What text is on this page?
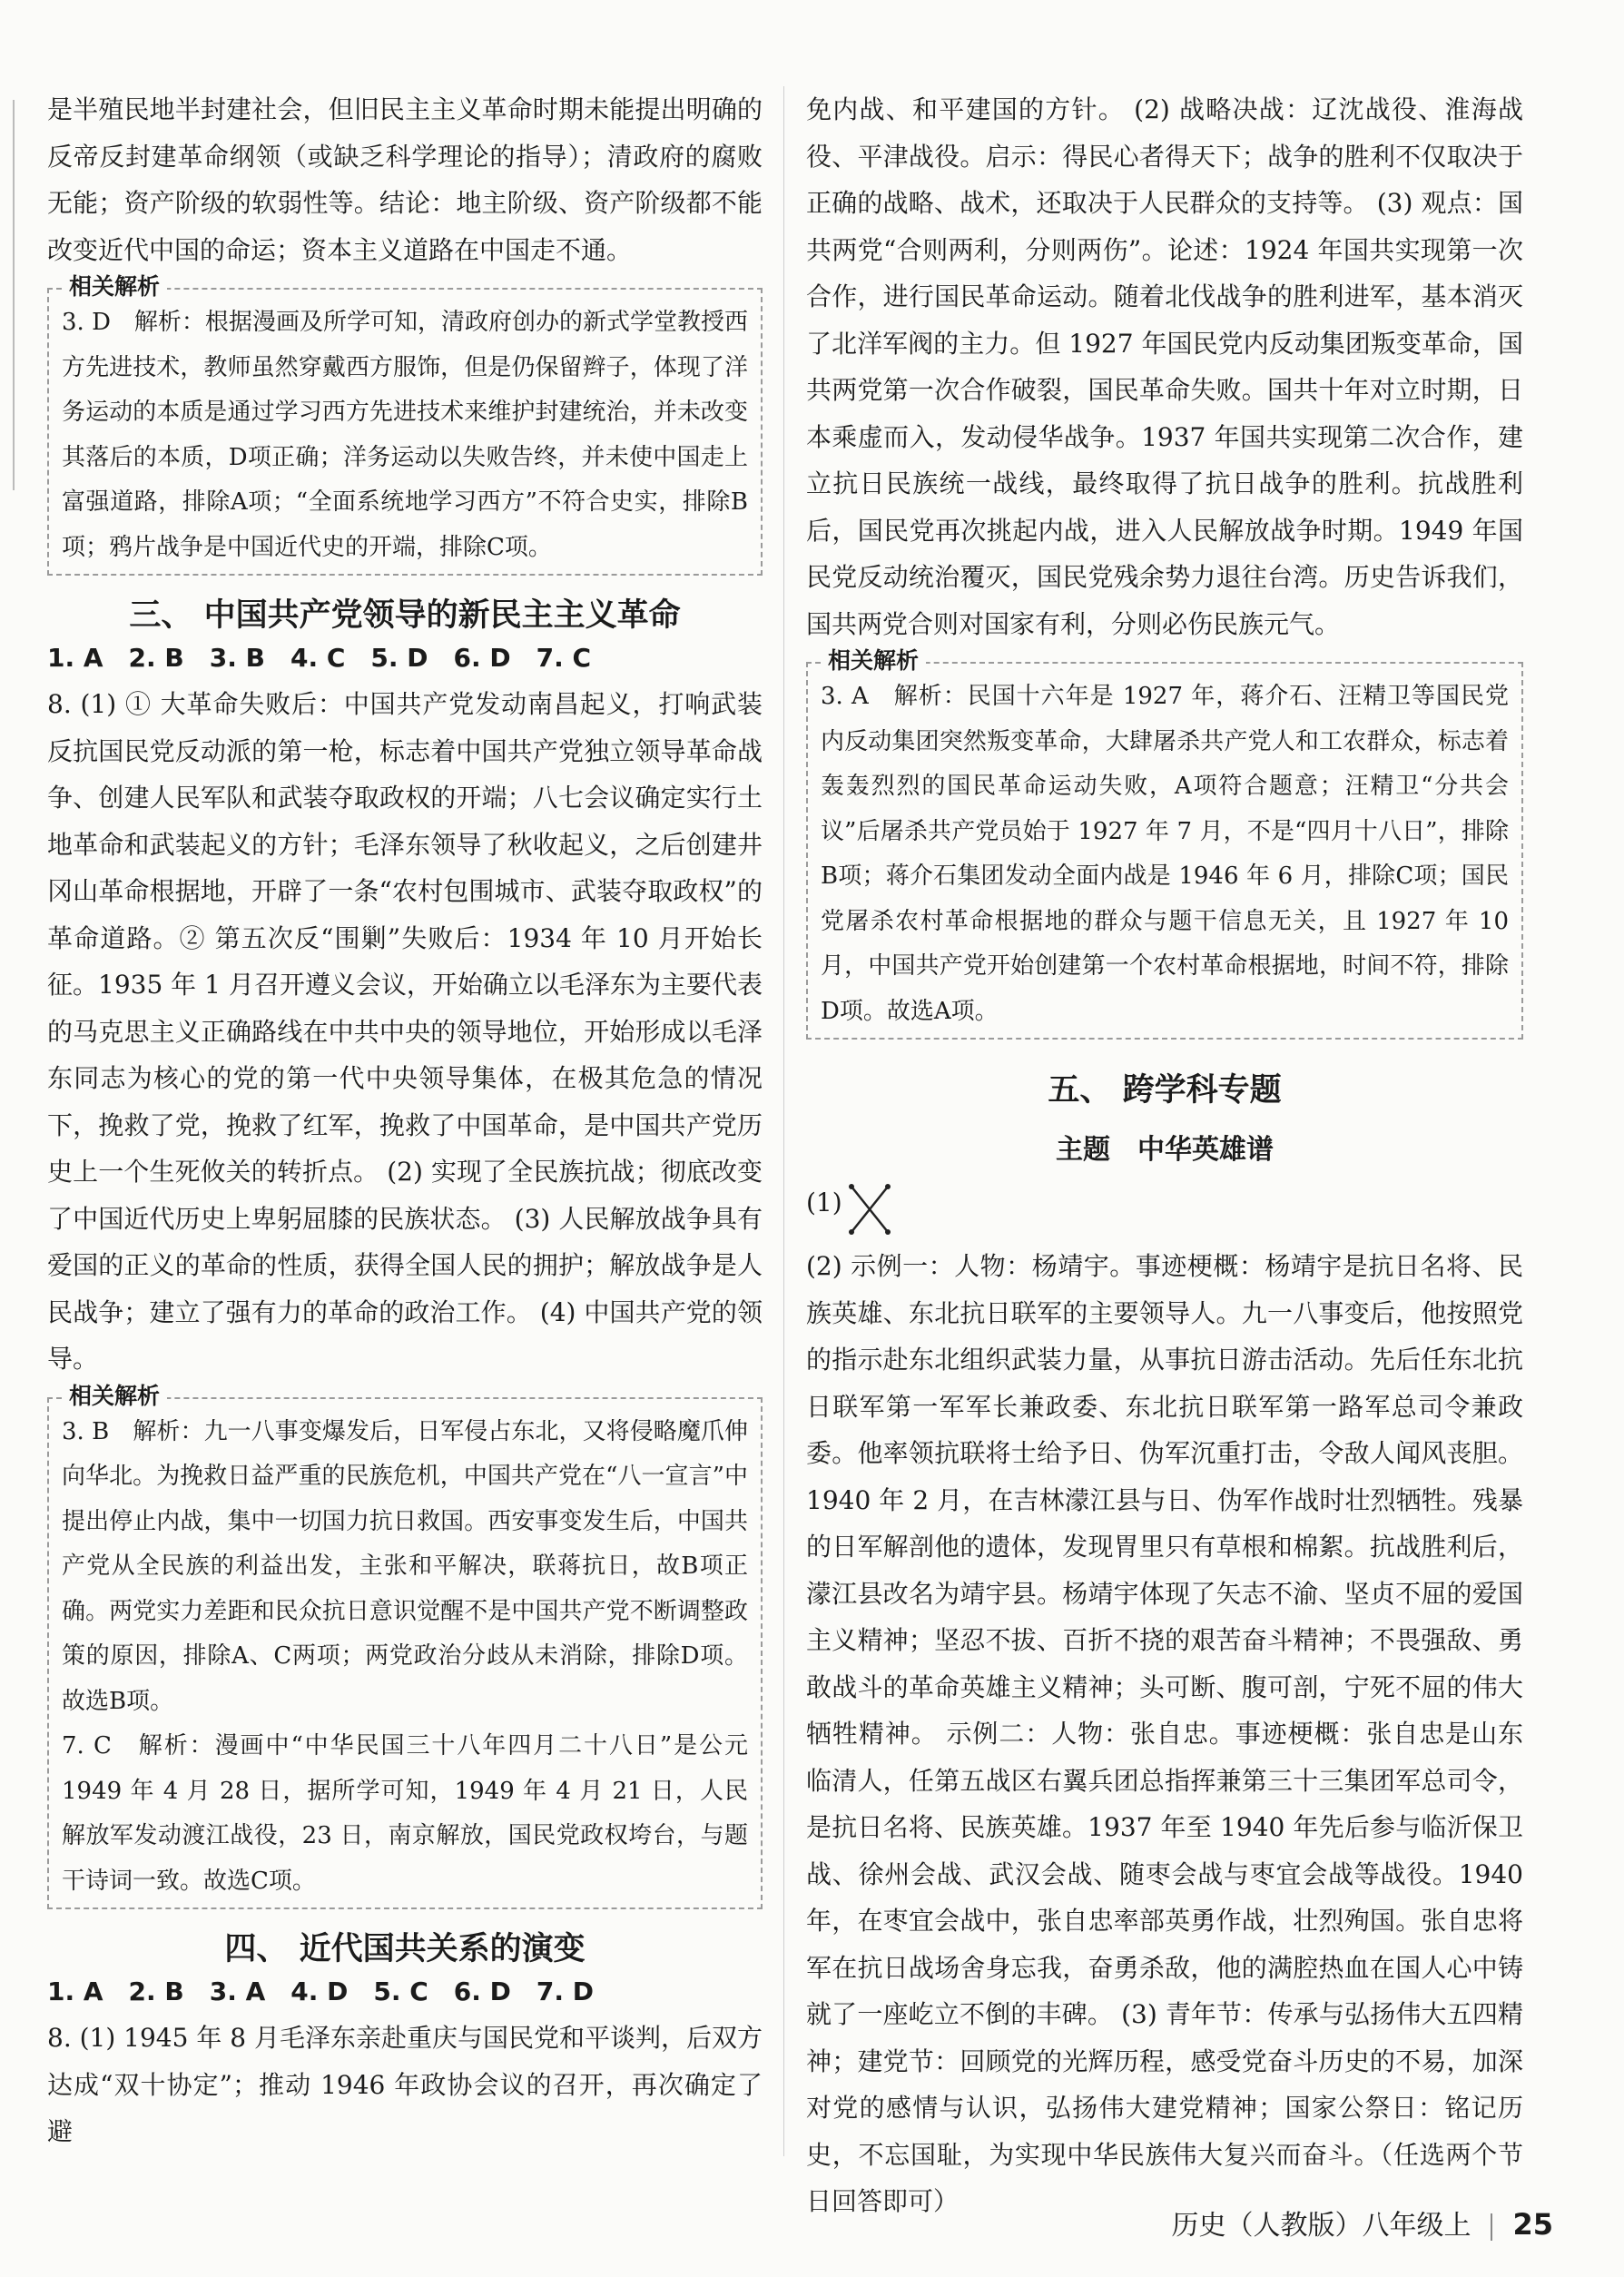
是半殖民地半封建社会，但旧民主主义革命时期未能提出明确的反帝反封建革命纲领（或缺乏科学理论的指导）；清政府的腐败无能；资产阶级的软弱性等。结论：地主阶级、资产阶级都不能改变近代中国的命运；资本主义道路在中国走不通。

相关解析

3. D　解析：根据漫画及所学可知，清政府创办的新式学堂教授西方先进技术，教师虽然穿戴西方服饰，但是仍保留辫子，体现了洋务运动的本质是通过学习西方先进技术来维护封建统治，并未改变其落后的本质，D项正确；洋务运动以失败告终，并未使中国走上富强道路，排除A项；“全面系统地学习西方”不符合史实，排除B项；鸦片战争是中国近代史的开端，排除C项。

三、 中国共产党领导的新民主主义革命

1. A　2. B　3. B　4. C　5. D　6. D　7. C

8. (1) ① 大革命失败后：中国共产党发动南昌起义，打响武装反抗国民党反动派的第一枪，标志着中国共产党独立领导革命战争、创建人民军队和武装夺取政权的开端；八七会议确定实行土地革命和武装起义的方针；毛泽东领导了秋收起义，之后创建井冈山革命根据地，开辟了一条“农村包围城市、武装夺取政权”的革命道路。② 第五次反“围剿”失败后：1934 年 10 月开始长征。1935 年 1 月召开遵义会议，开始确立以毛泽东为主要代表的马克思主义正确路线在中共中央的领导地位，开始形成以毛泽东同志为核心的党的第一代中央领导集体，在极其危急的情况下，挽救了党，挽救了红军，挽救了中国革命，是中国共产党历史上一个生死攸关的转折点。 (2) 实现了全民族抗战；彻底改变了中国近代历史上卑躬屈膝的民族状态。 (3) 人民解放战争具有爱国的正义的革命的性质，获得全国人民的拥护；解放战争是人民战争；建立了强有力的革命的政治工作。 (4) 中国共产党的领导。

相关解析

3. B　解析：九一八事变爆发后，日军侵占东北，又将侵略魔爪伸向华北。为挽救日益严重的民族危机，中国共产党在“八一宣言”中提出停止内战，集中一切国力抗日救国。西安事变发生后，中国共产党从全民族的利益出发，主张和平解决，联蒋抗日，故B项正确。两党实力差距和民众抗日意识觉醒不是中国共产党不断调整政策的原因，排除A、C两项；两党政治分歧从未消除，排除D项。故选B项。

7. C　解析：漫画中“中华民国三十八年四月二十八日”是公元 1949 年 4 月 28 日，据所学可知，1949 年 4 月 21 日，人民解放军发动渡江战役，23 日，南京解放，国民党政权垮台，与题干诗词一致。故选C项。

四、 近代国共关系的演变

1. A　2. B　3. A　4. D　5. C　6. D　7. D

8. (1) 1945 年 8 月毛泽东亲赴重庆与国民党和平谈判，后双方达成“双十协定”；推动 1946 年政协会议的召开，再次确定了避

免内战、和平建国的方针。 (2) 战略决战：辽沈战役、淮海战役、平津战役。启示：得民心者得天下；战争的胜利不仅取决于正确的战略、战术，还取决于人民群众的支持等。 (3) 观点：国共两党“合则两利，分则两伤”。论述：1924 年国共实现第一次合作，进行国民革命运动。随着北伐战争的胜利进军，基本消灭了北洋军阀的主力。但 1927 年国民党内反动集团叛变革命，国共两党第一次合作破裂，国民革命失败。国共十年对立时期，日本乘虚而入，发动侵华战争。1937 年国共实现第二次合作，建立抗日民族统一战线，最终取得了抗日战争的胜利。抗战胜利后，国民党再次挑起内战，进入人民解放战争时期。1949 年国民党反动统治覆灭，国民党残余势力退往台湾。历史告诉我们，国共两党合则对国家有利，分则必伤民族元气。

相关解析

3. A　解析：民国十六年是 1927 年，蒋介石、汪精卫等国民党内反动集团突然叛变革命，大肆屠杀共产党人和工农群众，标志着轰轰烈烈的国民革命运动失败，A项符合题意；汪精卫“分共会议”后屠杀共产党员始于 1927 年 7 月，不是“四月十八日”，排除B项；蒋介石集团发动全面内战是 1946 年 6 月，排除C项；国民党屠杀农村革命根据地的群众与题干信息无关，且 1927 年 10 月，中国共产党开始创建第一个农村革命根据地，时间不符，排除D项。故选A项。

五、 跨学科专题

主题　中华英雄谱

(1)

(2) 示例一：人物：杨靖宇。事迹梗概：杨靖宇是抗日名将、民族英雄、东北抗日联军的主要领导人。九一八事变后，他按照党的指示赴东北组织武装力量，从事抗日游击活动。先后任东北抗日联军第一军军长兼政委、东北抗日联军第一路军总司令兼政委。他率领抗联将士给予日、伪军沉重打击，令敌人闻风丧胆。1940 年 2 月，在吉林濛江县与日、伪军作战时壮烈牺牲。残暴的日军解剖他的遗体，发现胃里只有草根和棉絮。抗战胜利后，濛江县改名为靖宇县。杨靖宇体现了矢志不渝、坚贞不屈的爱国主义精神；坚忍不拔、百折不挠的艰苦奋斗精神；不畏强敌、勇敢战斗的革命英雄主义精神；头可断、腹可剖，宁死不屈的伟大牺牲精神。 示例二：人物：张自忠。事迹梗概：张自忠是山东临清人，任第五战区右翼兵团总指挥兼第三十三集团军总司令，是抗日名将、民族英雄。1937 年至 1940 年先后参与临沂保卫战、徐州会战、武汉会战、随枣会战与枣宜会战等战役。1940 年，在枣宜会战中，张自忠率部英勇作战，壮烈殉国。张自忠将军在抗日战场舍身忘我，奋勇杀敌，他的满腔热血在国人心中铸就了一座屹立不倒的丰碑。 (3) 青年节：传承与弘扬伟大五四精神；建党节：回顾党的光辉历程，感受党奋斗历史的不易，加深对党的感情与认识，弘扬伟大建党精神；国家公祭日：铭记历史，不忘国耻，为实现中华民族伟大复兴而奋斗。（任选两个节日回答即可）

历史（人教版）八年级上 25
